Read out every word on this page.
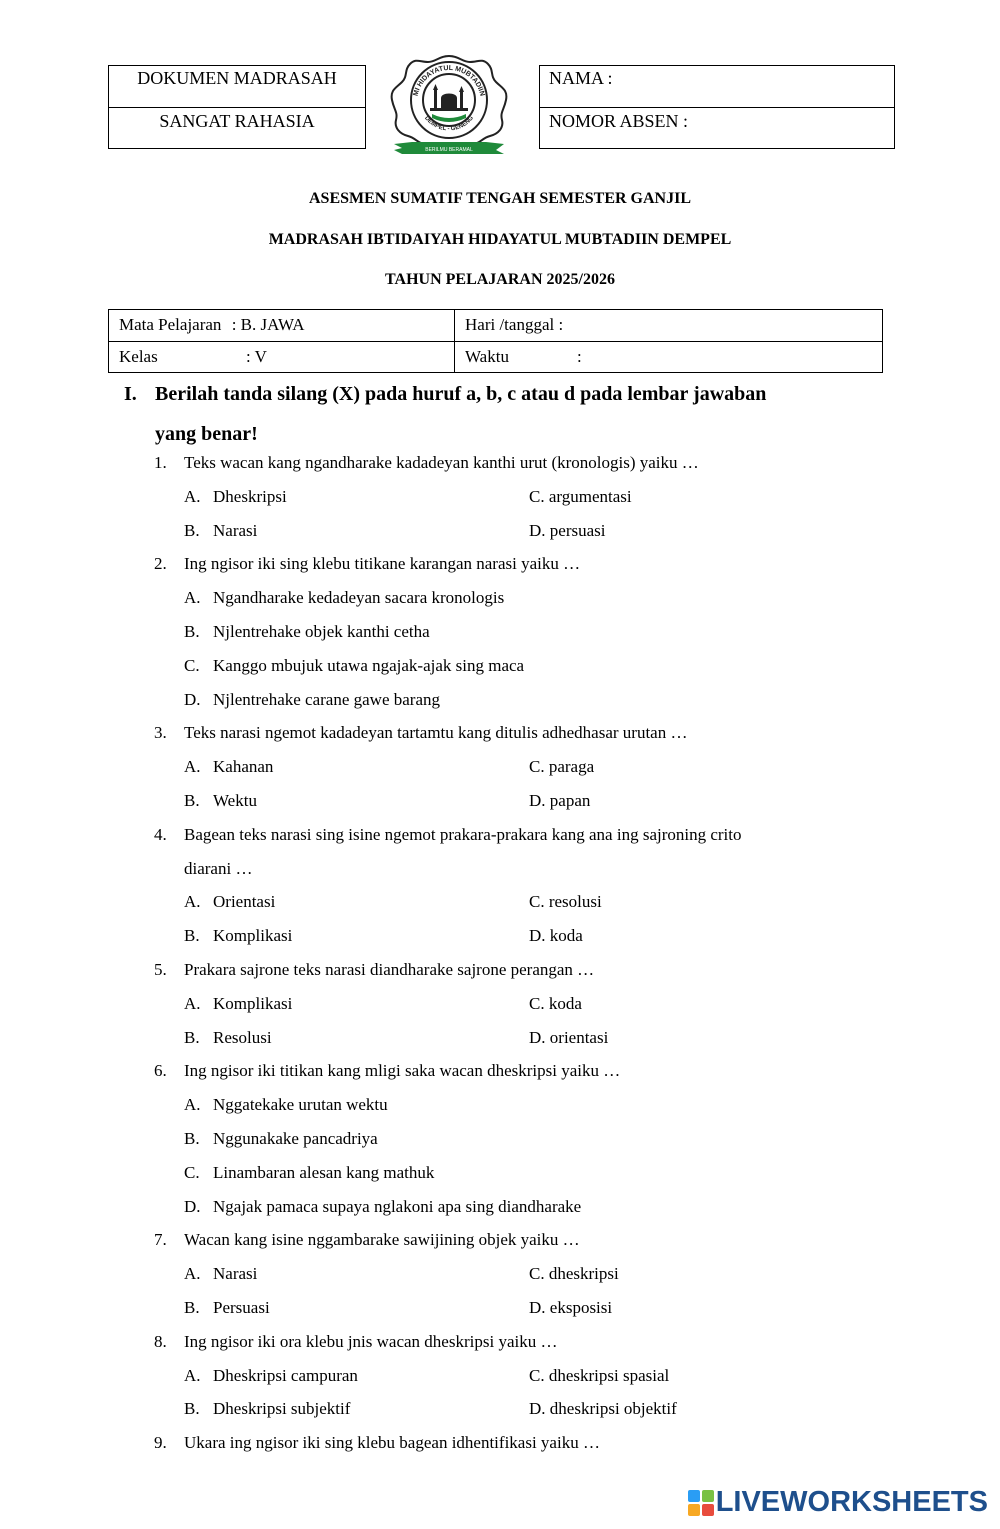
DOKUMEN MADRASAH
SANGAT RAHASIA
MI HIDAYATUL MUBTADIIN
DEMPEL - GENENG
BERILMU BERAMAL
NAMA :
NOMOR ABSEN :
ASESMEN SUMATIF TENGAH SEMESTER GANJIL
MADRASAH IBTIDAIYAH HIDAYATUL MUBTADIIN DEMPEL
TAHUN PELAJARAN 2025/2026
Mata Pelajaran : B. JAWA	Hari /tanggal :
Kelas	: V	Waktu	:
I. Berilah tanda silang (X) pada huruf a, b, c atau d pada lembar jawaban
yang benar!
1. Teks wacan kang ngandharake kadadeyan kanthi urut (kronologis) yaiku …
A. Dheskripsi	C. argumentasi
B. Narasi	D. persuasi
2. Ing ngisor iki sing klebu titikane karangan narasi yaiku …
A. Ngandharake kedadeyan sacara kronologis
B. Njlentrehake objek kanthi cetha
C. Kanggo mbujuk utawa ngajak-ajak sing maca
D. Njlentrehake carane gawe barang
3. Teks narasi ngemot kadadeyan tartamtu kang ditulis adhedhasar urutan …
A. Kahanan	C. paraga
B. Wektu	D. papan
4. Bagean teks narasi sing isine ngemot prakara-prakara kang ana ing sajroning crito
diarani …
A. Orientasi	C. resolusi
B. Komplikasi	D. koda
5. Prakara sajrone teks narasi diandharake sajrone perangan …
A. Komplikasi	C. koda
B. Resolusi	D. orientasi
6. Ing ngisor iki titikan kang mligi saka wacan dheskripsi yaiku …
A. Nggatekake urutan wektu
B. Nggunakake pancadriya
C. Linambaran alesan kang mathuk
D. Ngajak pamaca supaya nglakoni apa sing diandharake
7. Wacan kang isine nggambarake sawijining objek yaiku …
A. Narasi	C. dheskripsi
B. Persuasi	D. eksposisi
8. Ing ngisor iki ora klebu jnis wacan dheskripsi yaiku …
A. Dheskripsi campuran	C. dheskripsi spasial
B. Dheskripsi subjektif	D. dheskripsi objektif
9. Ukara ing ngisor iki sing klebu bagean idhentifikasi yaiku …
LIVEWORKSHEETS
